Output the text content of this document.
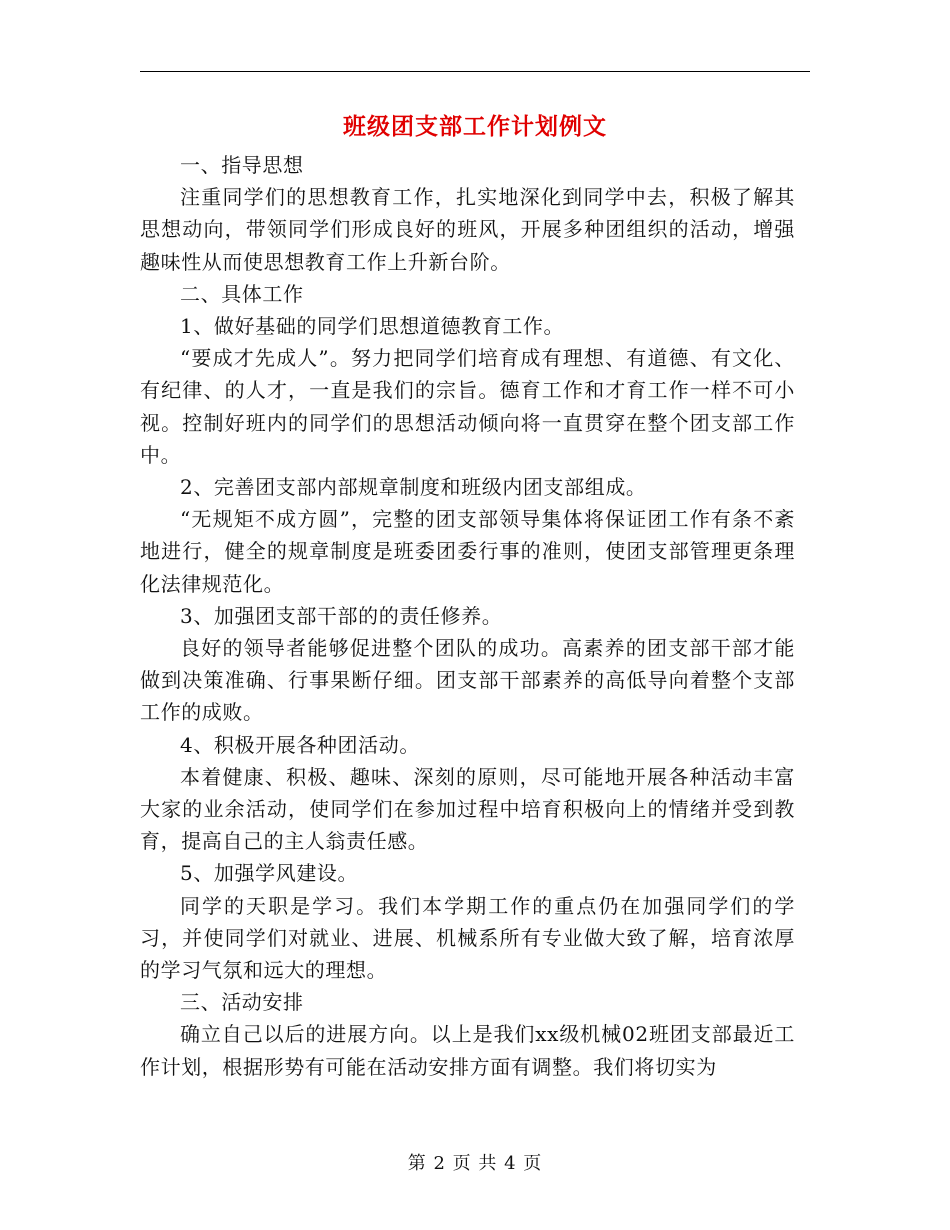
班级团支部工作计划例文

一、指导思想

注重同学们的思想教育工作，扎实地深化到同学中去，积极了解其思想动向，带领同学们形成良好的班风，开展多种团组织的活动，增强趣味性从而使思想教育工作上升新台阶。

二、具体工作

1、做好基础的同学们思想道德教育工作。

“要成才先成人”。努力把同学们培育成有理想、有道德、有文化、有纪律、的人才，一直是我们的宗旨。德育工作和才育工作一样不可小视。控制好班内的同学们的思想活动倾向将一直贯穿在整个团支部工作中。

2、完善团支部内部规章制度和班级内团支部组成。

“无规矩不成方圆”，完整的团支部领导集体将保证团工作有条不紊地进行，健全的规章制度是班委团委行事的准则，使团支部管理更条理化法律规范化。

3、加强团支部干部的的责任修养。

良好的领导者能够促进整个团队的成功。高素养的团支部干部才能做到决策准确、行事果断仔细。团支部干部素养的高低导向着整个支部工作的成败。

4、积极开展各种团活动。

本着健康、积极、趣味、深刻的原则，尽可能地开展各种活动丰富大家的业余活动，使同学们在参加过程中培育积极向上的情绪并受到教育，提高自己的主人翁责任感。

5、加强学风建设。

同学的天职是学习。我们本学期工作的重点仍在加强同学们的学习，并使同学们对就业、进展、机械系所有专业做大致了解，培育浓厚的学习气氛和远大的理想。

三、活动安排

确立自己以后的进展方向。以上是我们xx级机械02班团支部最近工作计划，根据形势有可能在活动安排方面有调整。我们将切实为

第 2 页 共 4 页
